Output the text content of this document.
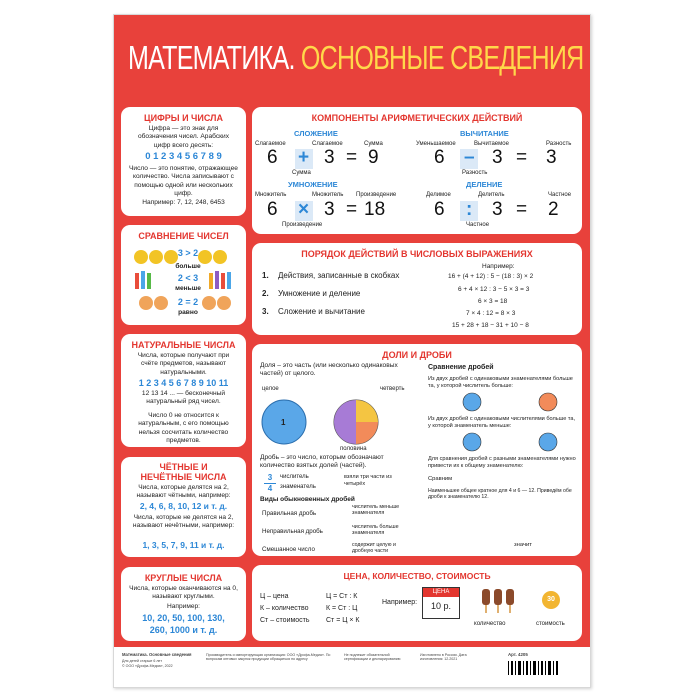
МАТЕМАТИКА. ОСНОВНЫЕ СВЕДЕНИЯ
ЦИФРЫ И ЧИСЛА
Цифра — это знак для обозначения чисел. Арабских цифр всего десять:
0 1 2 3 4 5 6 7 8 9
Число — это понятие, отражающее количество. Числа записывают с помощью одной или нескольких цифр.
Например: 7, 12, 248, 6453
СРАВНЕНИЕ ЧИСЕЛ
3 > 2
больше
2 < 3
меньше
2 = 2
равно
НАТУРАЛЬНЫЕ ЧИСЛА
Числа, которые получают при счёте предметов, называют натуральными.
1 2 3 4 5 6 7 8 9 10 11
12 13 14 ... — бесконечный натуральный ряд чисел.
Число 0 не относится к натуральным, с его помощью нельзя сосчитать количество предметов.
ЧЁТНЫЕ И
НЕЧЁТНЫЕ ЧИСЛА
Числа, которые делятся на 2, называют чётными, например:
2, 4, 6, 8, 10, 12 и т. д.
Числа, которые не делятся на 2, называют нечётными, например:
1, 3, 5, 7, 9, 11 и т. д.
КРУГЛЫЕ ЧИСЛА
Числа, которые оканчиваются на 0, называют круглыми.
Например:
10, 20, 50, 100, 130,
260, 1000 и т. д.
КОМПОНЕНТЫ АРИФМЕТИЧЕСКИХ ДЕЙСТВИЙ
СЛОЖЕНИЕ
Слагаемое	Слагаемое	Сумма
6 + 3 = 9
Сумма
ВЫЧИТАНИЕ
Уменьшаемое	Вычитаемое	Разность
6 – 3 = 3
Разность
УМНОЖЕНИЕ
Множитель	Множитель Произведение
6 × 3 = 18
Произведение
ДЕЛЕНИЕ
Делимое	Делитель	Частное
6 : 3 = 2
Частное
ПОРЯДОК ДЕЙСТВИЙ В ЧИСЛОВЫХ ВЫРАЖЕНИЯХ
1. Действия, записанные в скобках
2. Умножение и деление
3. Сложение и вычитание
Например:
16 + (4 + 12) : 5 − (18 : 3) × 2
6 + 4 × 12 : 3 − 5 × 3 = 3
6 × 3 = 18
7 × 4 : 12 = 8 × 3
15 + 28 + 18 − 31 + 10 − 8
ДОЛИ И ДРОБИ
Доля – это часть (или несколько одинаковых частей) от целого.
целое
1
четверть
половина
Дробь – это число, которым обозначают количество взятых долей (частей).
3
4
числитель
знаменатель
взяли три части из четырёх
Виды обыкновенных дробей
Правильная дробь
числитель меньше знаменателя
Неправильная дробь
числитель больше знаменателя
Смешанное число
содержит целую и дробную части
Сравнение дробей
Из двух дробей с одинаковыми знаменателями больше та, у которой числитель больше:
Из двух дробей с одинаковыми числителями больше та, у которой знаменатель меньше:
Для сравнения дробей с разными знаменателями нужно привести их к общему знаменателю:
Сравним
Наименьшее общее кратное для 4 и 6 — 12. Приведём обе дроби к знаменателю 12.
значит
ЦЕНА, КОЛИЧЕСТВО, СТОИМОСТЬ
Ц – цена
К – количество
Ст – стоимость
Ц = Ст : К
К = Ст : Ц
Ст = Ц × К
Например:
ЦЕНА
10 р.
количество
30
стоимость
Математика. Основные сведения
Для детей старше 6 лет
© ООО «Дрофа-Медиа», 2022
Производитель и импортирующая организация: ООО «Дрофа-Медиа». По вопросам оптовых закупок продукции обращаться по адресу
Не подлежит обязательной сертификации и декларированию
Изготовлено в России. Дата изготовления: 12.2021
Арт. 4205
